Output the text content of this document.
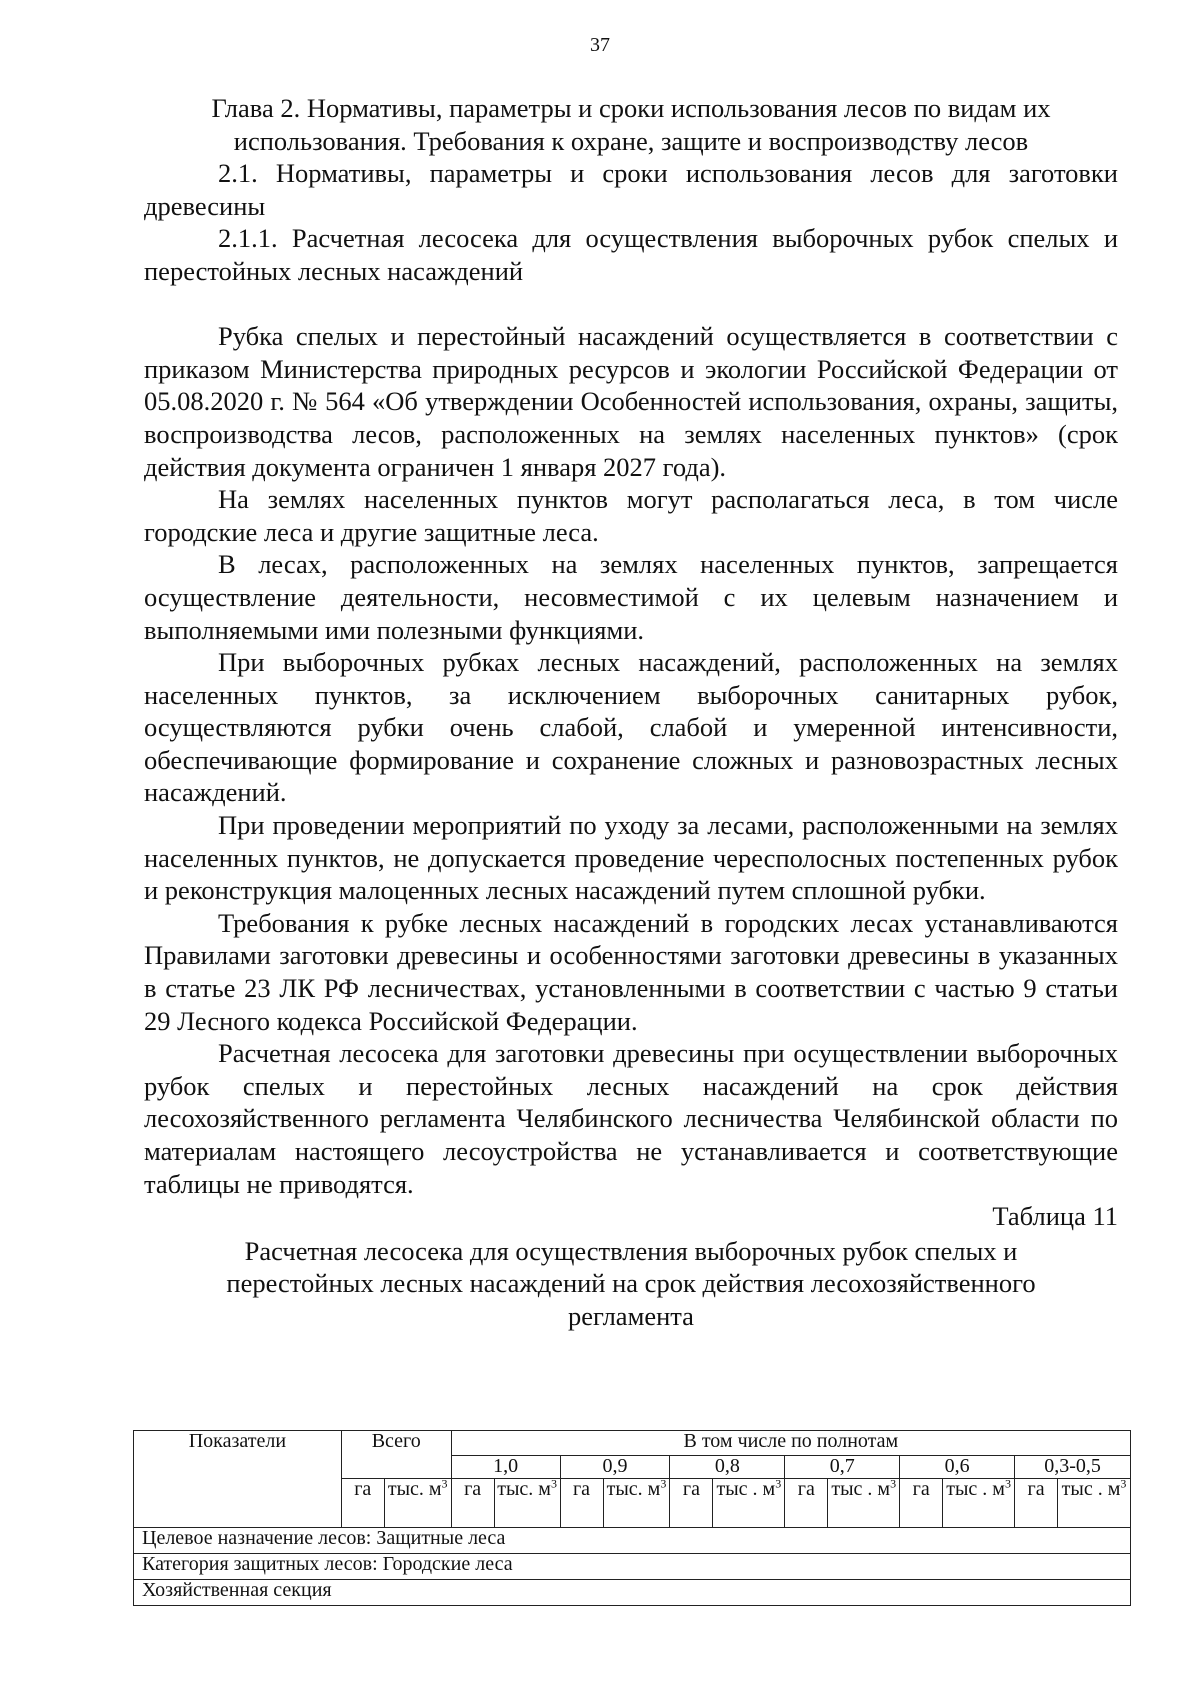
37

Глава 2. Нормативы, параметры и сроки использования лесов по видам их использования. Требования к охране, защите и воспроизводству лесов

2.1. Нормативы, параметры и сроки использования лесов для заготовки древесины

2.1.1. Расчетная лесосека для осуществления выборочных рубок спелых и перестойных лесных насаждений

Рубка спелых и перестойный насаждений осуществляется в соответствии с приказом Министерства природных ресурсов и экологии Российской Федерации от 05.08.2020 г. № 564 «Об утверждении Особенностей использования, охраны, защиты, воспроизводства лесов, расположенных на землях населенных пунктов» (срок действия документа ограничен 1 января 2027 года).

На землях населенных пунктов могут располагаться леса, в том числе городские леса и другие защитные леса.

В лесах, расположенных на землях населенных пунктов, запрещается осуществление деятельности, несовместимой с их целевым назначением и выполняемыми ими полезными функциями.

При выборочных рубках лесных насаждений, расположенных на землях населенных пунктов, за исключением выборочных санитарных рубок, осуществляются рубки очень слабой, слабой и умеренной интенсивности, обеспечивающие формирование и сохранение сложных и разновозрастных лесных насаждений.

При проведении мероприятий по уходу за лесами, расположенными на землях населенных пунктов, не допускается проведение чересполосных постепенных рубок и реконструкция малоценных лесных насаждений путем сплошной рубки.

Требования к рубке лесных насаждений в городских лесах устанавливаются Правилами заготовки древесины и особенностями заготовки древесины в указанных в статье 23 ЛК РФ лесничествах, установленными в соответствии с частью 9 статьи 29 Лесного кодекса Российской Федерации.

Расчетная лесосека для заготовки древесины при осуществлении выборочных рубок спелых и перестойных лесных насаждений на срок действия лесохозяйственного регламента Челябинского лесничества Челябинской области по материалам настоящего лесоустройства не устанавливается и соответствующие таблицы не приводятся.

Таблица 11

Расчетная лесосека для осуществления выборочных рубок спелых и перестойных лесных насаждений на срок действия лесохозяйственного регламента

Показатели	Всего		В том числе по полнотам											
			1,0		0,9		0,8		0,7		0,6		0,3-0,5	
	га	тыс. $м^3$	га	тыс. $м^3$	га	тыс. $м^3$	га	тыс . $м^3$	га	тыс . $м^3$	га	тыс . $м^3$	га	тыс . $м^3$
Целевое назначение лесов: Защитные леса														
Категория защитных лесов: Городские леса														
Хозяйственная секция														
